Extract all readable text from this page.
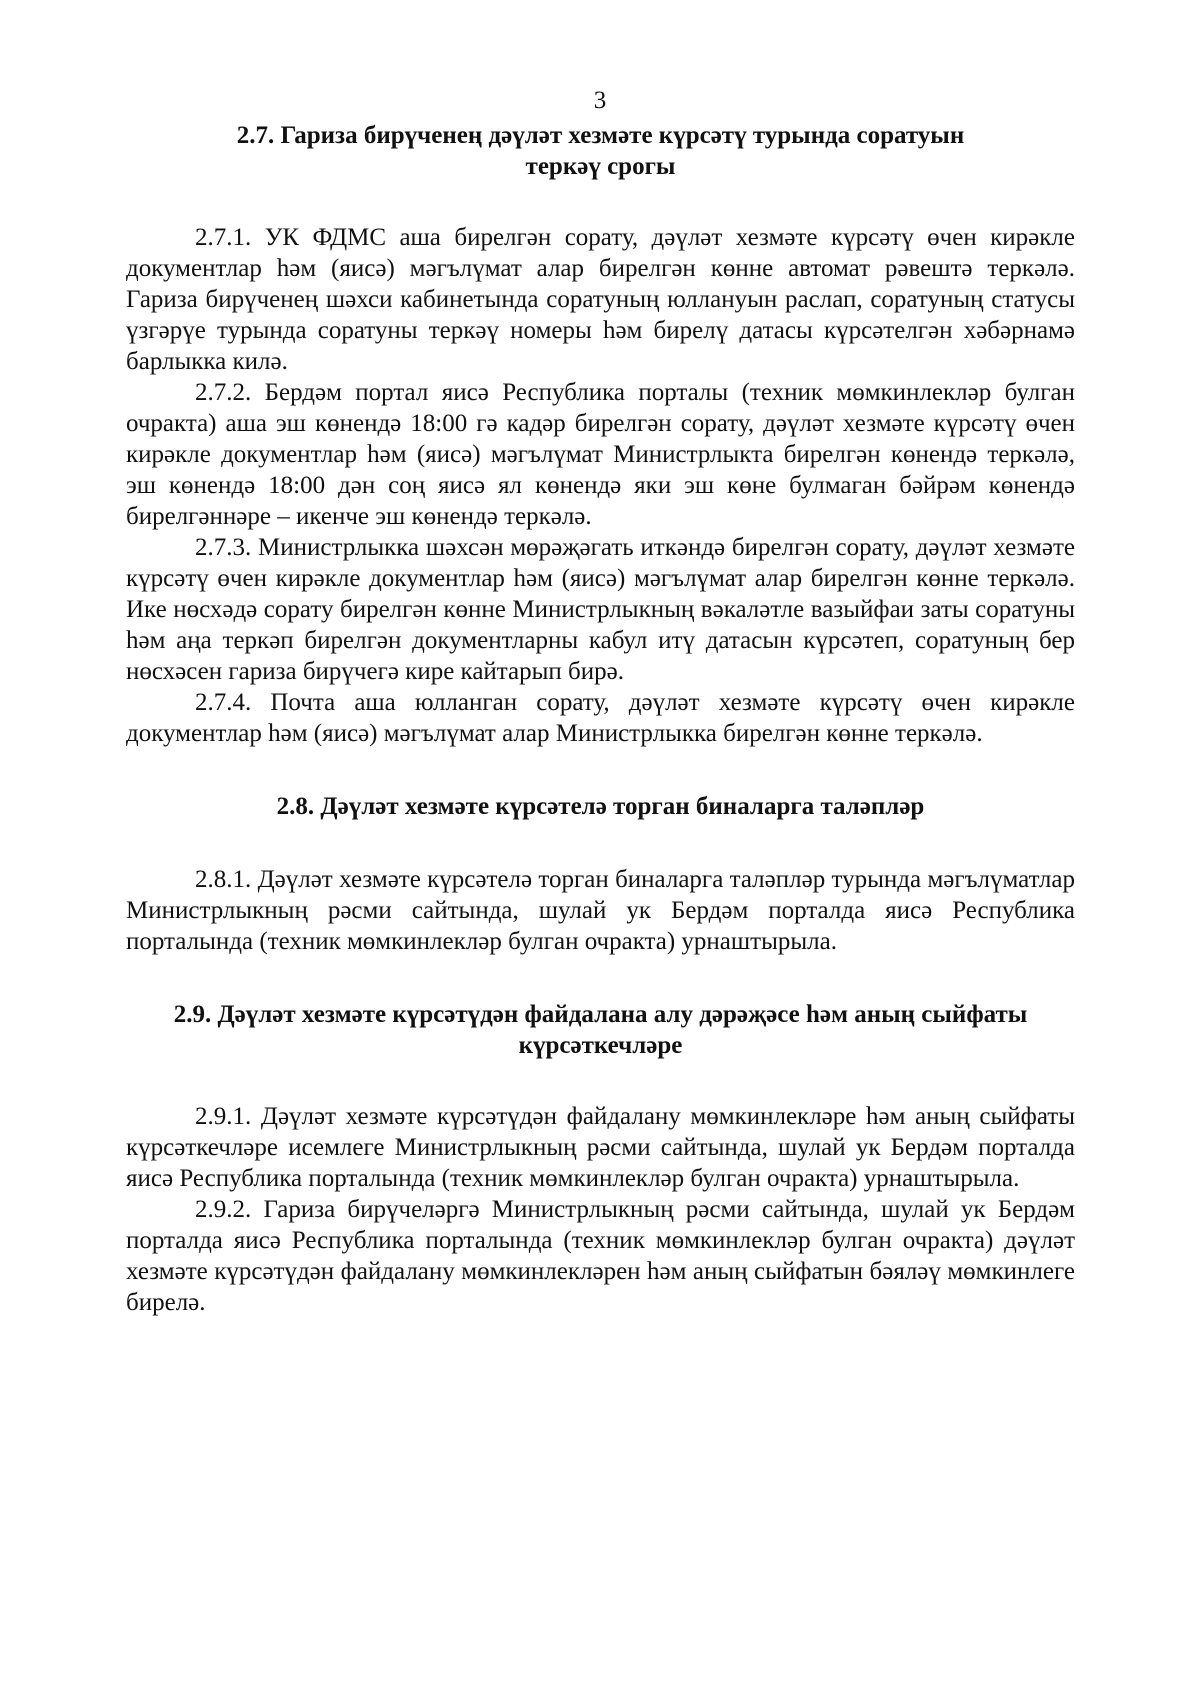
3
2.7. Гариза бирүченең дәүләт хезмәте күрсәтү турында соратуын
теркәү срогы

2.7.1. УК ФДМС аша бирелгән сорату, дәүләт хезмәте күрсәтү өчен кирәкле документлар һәм (яисә) мәгълүмат алар бирелгән көнне автомат рәвештә теркәлә. Гариза бирүченең шәхси кабинетында соратуның юллануын раслап, соратуның статусы үзгәрүе турында соратуны теркәү номеры һәм бирелү датасы күрсәтелгән хәбәрнамә барлыкка килә.

2.7.2. Бердәм портал яисә Республика порталы (техник мөмкинлекләр булган очракта) аша эш көнендә 18:00 гә кадәр бирелгән сорату, дәүләт хезмәте күрсәтү өчен кирәкле документлар һәм (яисә) мәгълүмат Министрлыкта бирелгән көнендә теркәлә, эш көнендә 18:00 дән соң яисә ял көнендә яки эш көне булмаган бәйрәм көнендә бирелгәннәре – икенче эш көнендә теркәлә.

2.7.3. Министрлыкка шәхсән мөрәҗәгать иткәндә бирелгән сорату, дәүләт хезмәте күрсәтү өчен кирәкле документлар һәм (яисә) мәгълүмат алар бирелгән көнне теркәлә. Ике нөсхәдә сорату бирелгән көнне Министрлыкның вәкаләтле вазыйфаи заты соратуны һәм аңа теркәп бирелгән документларны кабул итү датасын күрсәтеп, соратуның бер нөсхәсен гариза бирүчегә кире кайтарып бирә.

2.7.4. Почта аша юлланган сорату, дәүләт хезмәте күрсәтү өчен кирәкле документлар һәм (яисә) мәгълүмат алар Министрлыкка бирелгән көнне теркәлә.

2.8. Дәүләт хезмәте күрсәтелә торган биналарга таләпләр

2.8.1. Дәүләт хезмәте күрсәтелә торган биналарга таләпләр турында мәгълүматлар Министрлыкның рәсми сайтында, шулай ук Бердәм порталда яисә Республика порталында (техник мөмкинлекләр булган очракта) урнаштырыла.

2.9. Дәүләт хезмәте күрсәтүдән файдалана алу дәрәҗәсе һәм аның сыйфаты
күрсәткечләре

2.9.1. Дәүләт хезмәте күрсәтүдән файдалану мөмкинлекләре һәм аның сыйфаты күрсәткечләре исемлеге Министрлыкның рәсми сайтында, шулай ук Бердәм порталда яисә Республика порталында (техник мөмкинлекләр булган очракта) урнаштырыла.

2.9.2. Гариза бирүчеләргә Министрлыкның рәсми сайтында, шулай ук Бердәм порталда яисә Республика порталында (техник мөмкинлекләр булган очракта) дәүләт хезмәте күрсәтүдән файдалану мөмкинлекләрен һәм аның сыйфатын бәяләү мөмкинлеге бирелә.
